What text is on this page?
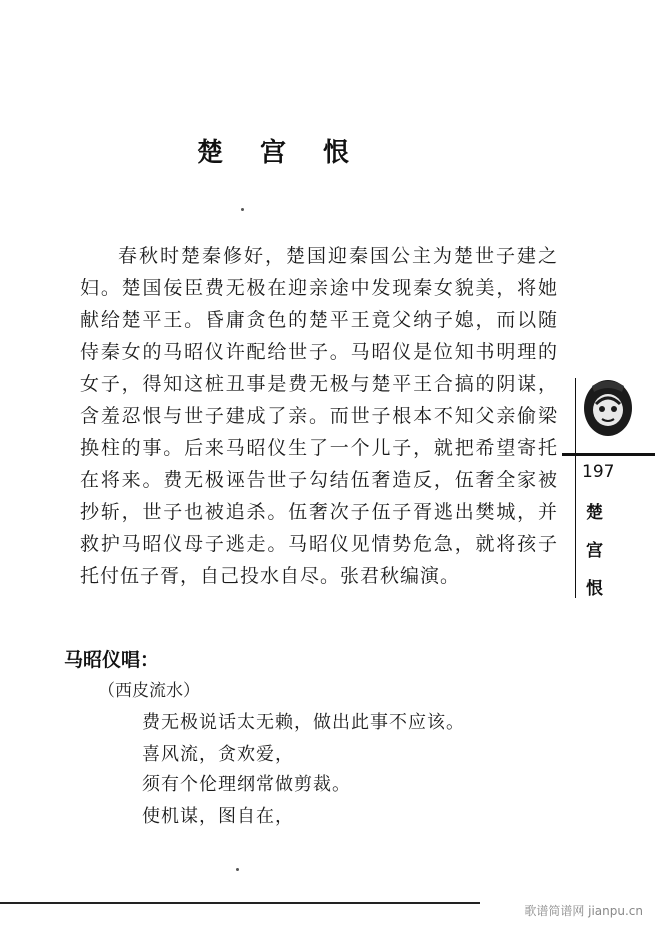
楚 宫 恨

春秋时楚秦修好，楚国迎秦国公主为楚世子建之妇。楚国佞臣费无极在迎亲途中发现秦女貌美，将她献给楚平王。昏庸贪色的楚平王竟父纳子媳，而以随侍秦女的马昭仪许配给世子。马昭仪是位知书明理的女子，得知这桩丑事是费无极与楚平王合搞的阴谋，含羞忍恨与世子建成了亲。而世子根本不知父亲偷梁换柱的事。后来马昭仪生了一个儿子，就把希望寄托在将来。费无极诬告世子勾结伍奢造反，伍奢全家被抄斩，世子也被追杀。伍奢次子伍子胥逃出樊城，并救护马昭仪母子逃走。马昭仪见情势危急，就将孩子托付伍子胥，自己投水自尽。张君秋编演。

马昭仪唱：
（西皮流水）

费无极说话太无赖，做出此事不应该。

喜风流，贪欢爱，

须有个伦理纲常做剪裁。

使机谋，图自在，

197
楚宫恨
歌谱简谱网 jianpu.cn
